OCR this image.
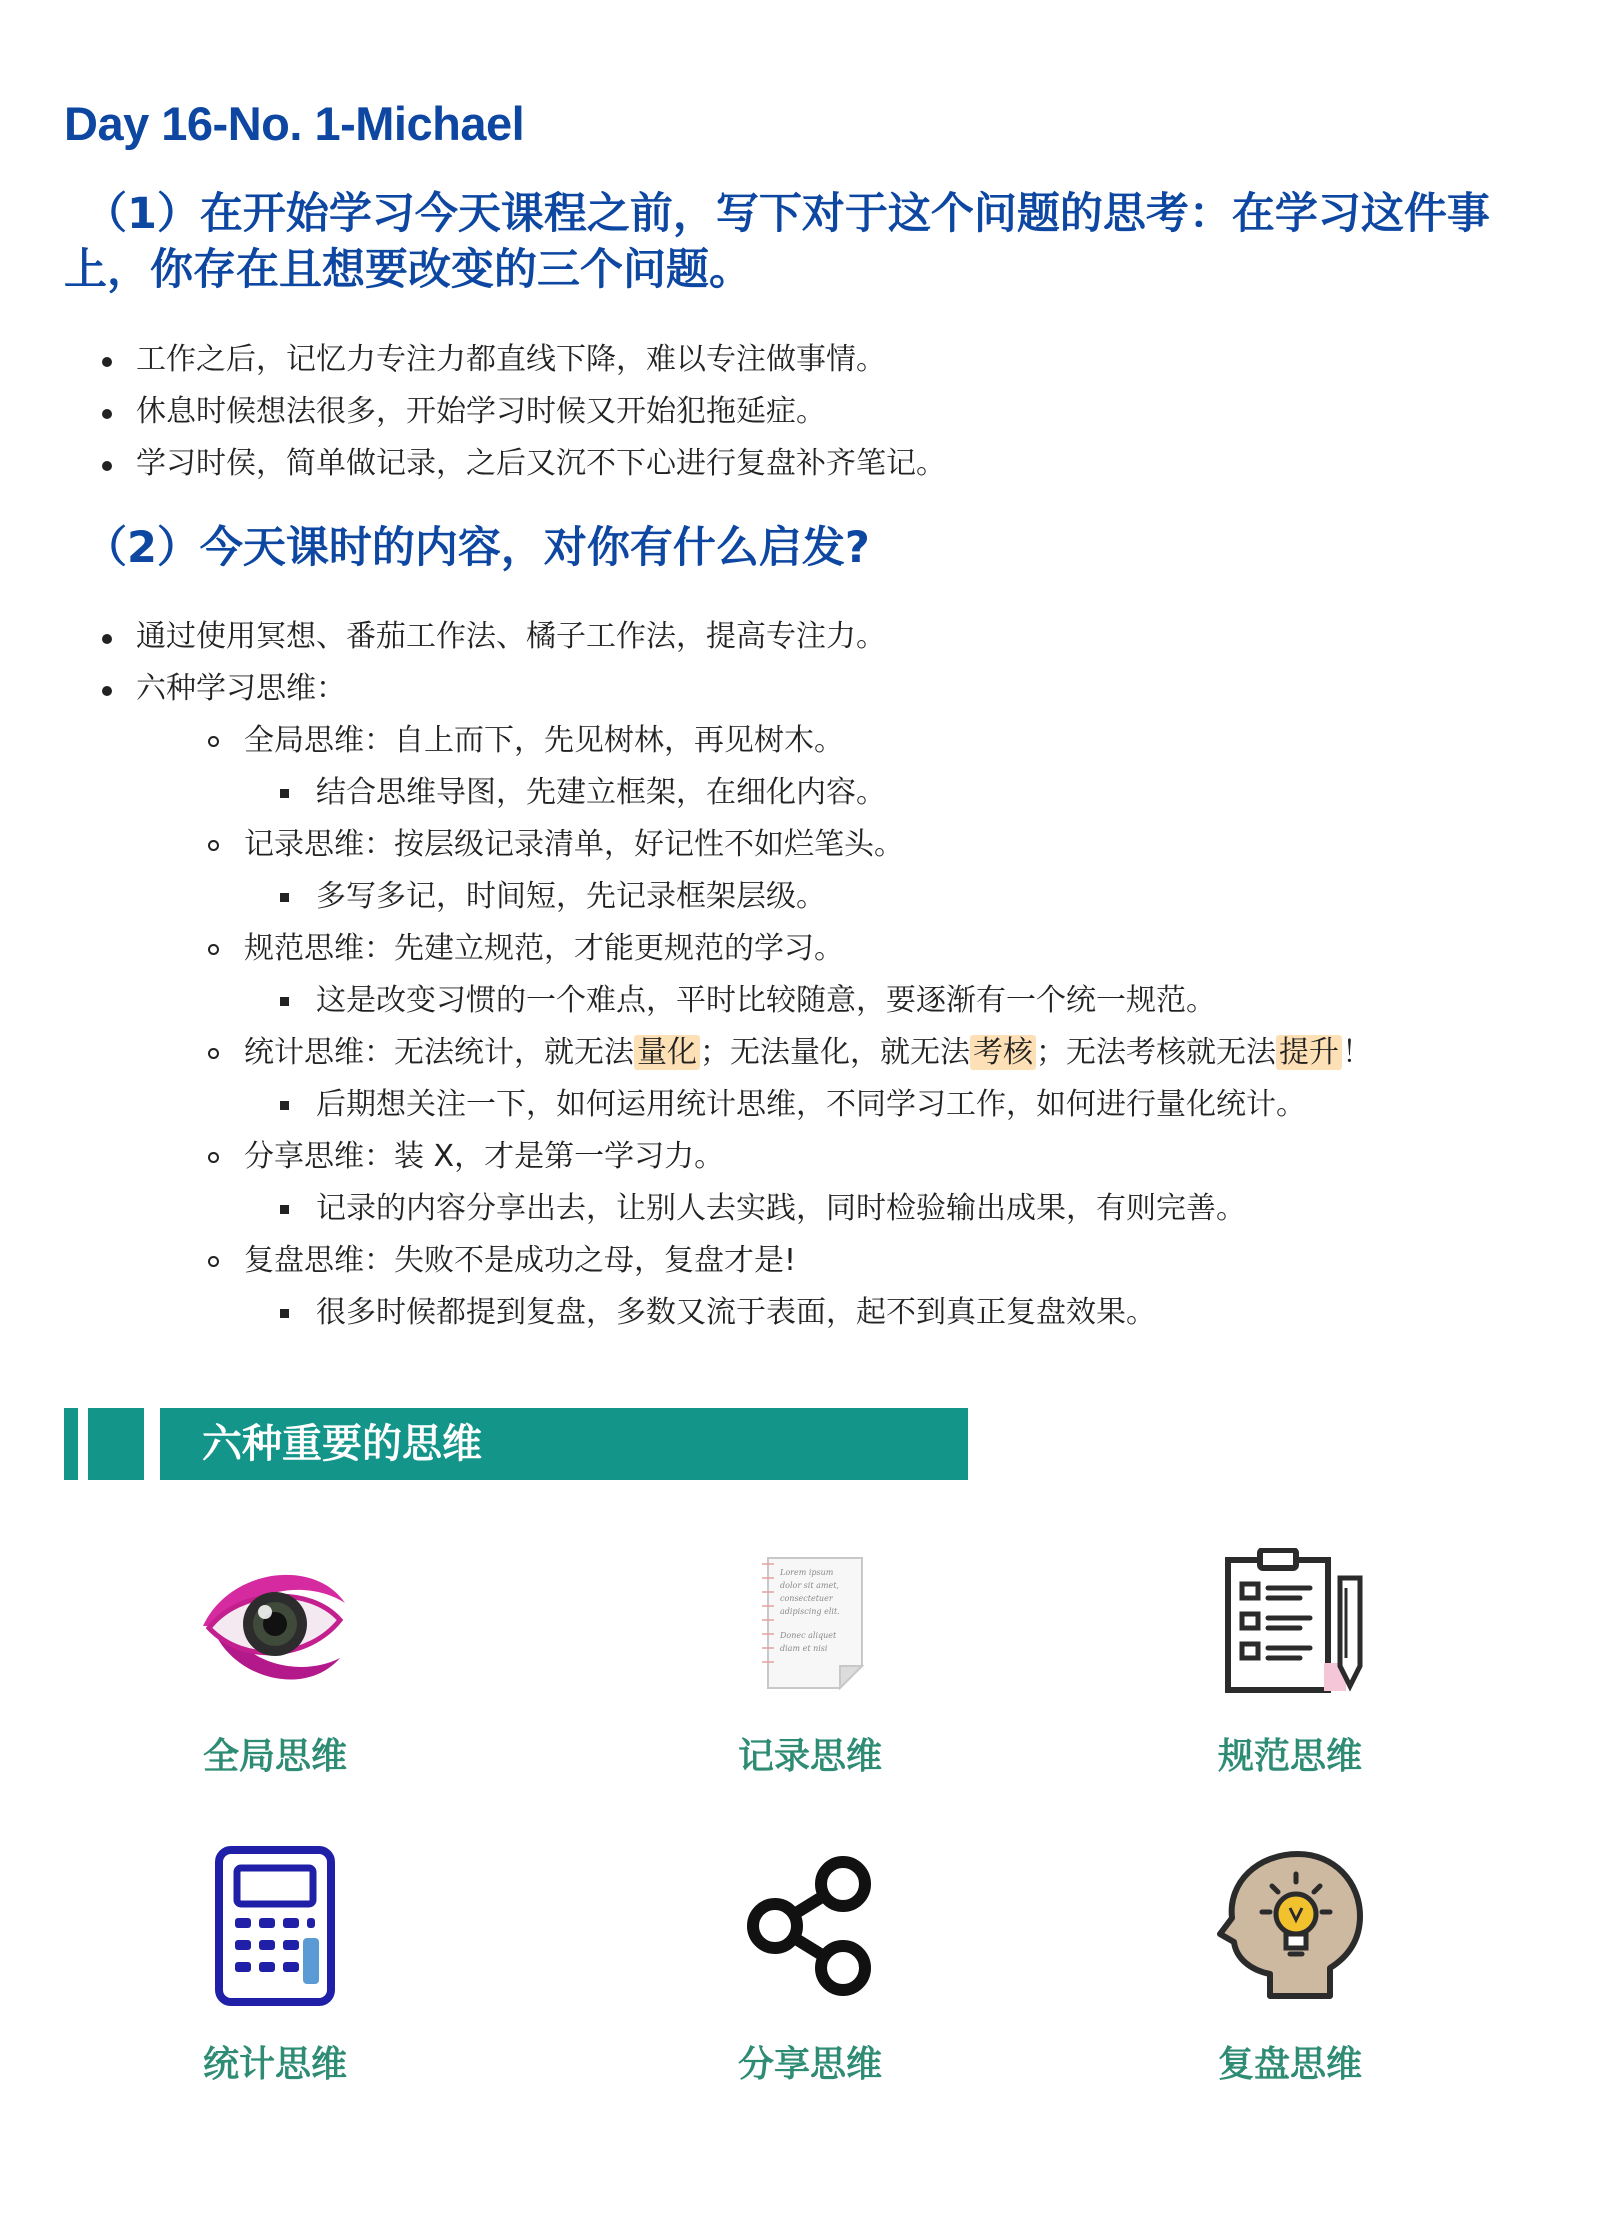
Day 16-No. 1-Michael
（1）在开始学习今天课程之前，写下对于这个问题的思考：在学习这件事上，你存在且想要改变的三个问题。
工作之后，记忆力专注力都直线下降，难以专注做事情。
休息时候想法很多，开始学习时候又开始犯拖延症。
学习时侯，简单做记录，之后又沉不下心进行复盘补齐笔记。
（2）今天课时的内容，对你有什么启发?
通过使用冥想、番茄工作法、橘子工作法，提高专注力。
六种学习思维：
全局思维：自上而下，先见树林，再见树木。
结合思维导图，先建立框架，在细化内容。
记录思维：按层级记录清单，好记性不如烂笔头。
多写多记，时间短，先记录框架层级。
规范思维：先建立规范，才能更规范的学习。
这是改变习惯的一个难点，平时比较随意，要逐渐有一个统一规范。
统计思维：无法统计，就无法 量化 ；无法量化，就无法 考核 ；无法考核就无法 提升 ！
后期想关注一下，如何运用统计思维，不同学习工作，如何进行量化统计。
分享思维：装 X，才是第一学习力。
记录的内容分享出去，让别人去实践，同时检验输出成果，有则完善。
复盘思维：失败不是成功之母，复盘才是!
很多时候都提到复盘，多数又流于表面，起不到真正复盘效果。
六种重要的思维
全局思维
Lorem ipsum
dolor sit amet,
consectetuer
adipiscing elit.
Donec aliquet
diam et nisi
记录思维	规范思维
统计思维	分享思维	复盘思维
